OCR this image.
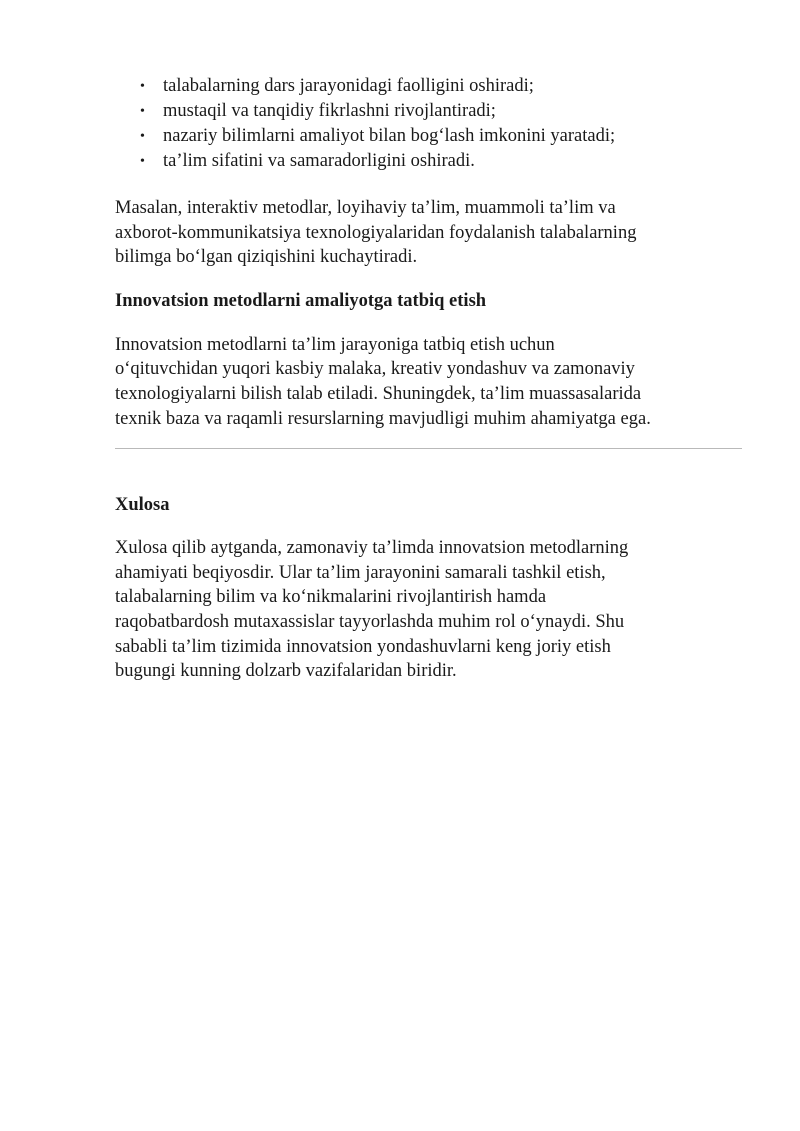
• talabalarning dars jarayonidagi faolligini oshiradi;
• mustaqil va tanqidiy fikrlashni rivojlantiradi;
• nazariy bilimlarni amaliyot bilan bog‘lash imkonini yaratadi;
• ta’lim sifatini va samaradorligini oshiradi.

Masalan, interaktiv metodlar, loyihaviy ta’lim, muammoli ta’lim va
axborot-kommunikatsiya texnologiyalaridan foydalanish talabalarning
bilimga bo‘lgan qiziqishini kuchaytiradi.

Innovatsion metodlarni amaliyotga tatbiq etish

Innovatsion metodlarni ta’lim jarayoniga tatbiq etish uchun
o‘qituvchidan yuqori kasbiy malaka, kreativ yondashuv va zamonaviy
texnologiyalarni bilish talab etiladi. Shuningdek, ta’lim muassasalarida
texnik baza va raqamli resurslarning mavjudligi muhim ahamiyatga ega.

Xulosa

Xulosa qilib aytganda, zamonaviy ta’limda innovatsion metodlarning
ahamiyati beqiyosdir. Ular ta’lim jarayonini samarali tashkil etish,
talabalarning bilim va ko‘nikmalarini rivojlantirish hamda
raqobatbardosh mutaxassislar tayyorlashda muhim rol o‘ynaydi. Shu
sababli ta’lim tizimida innovatsion yondashuvlarni keng joriy etish
bugungi kunning dolzarb vazifalaridan biridir.
